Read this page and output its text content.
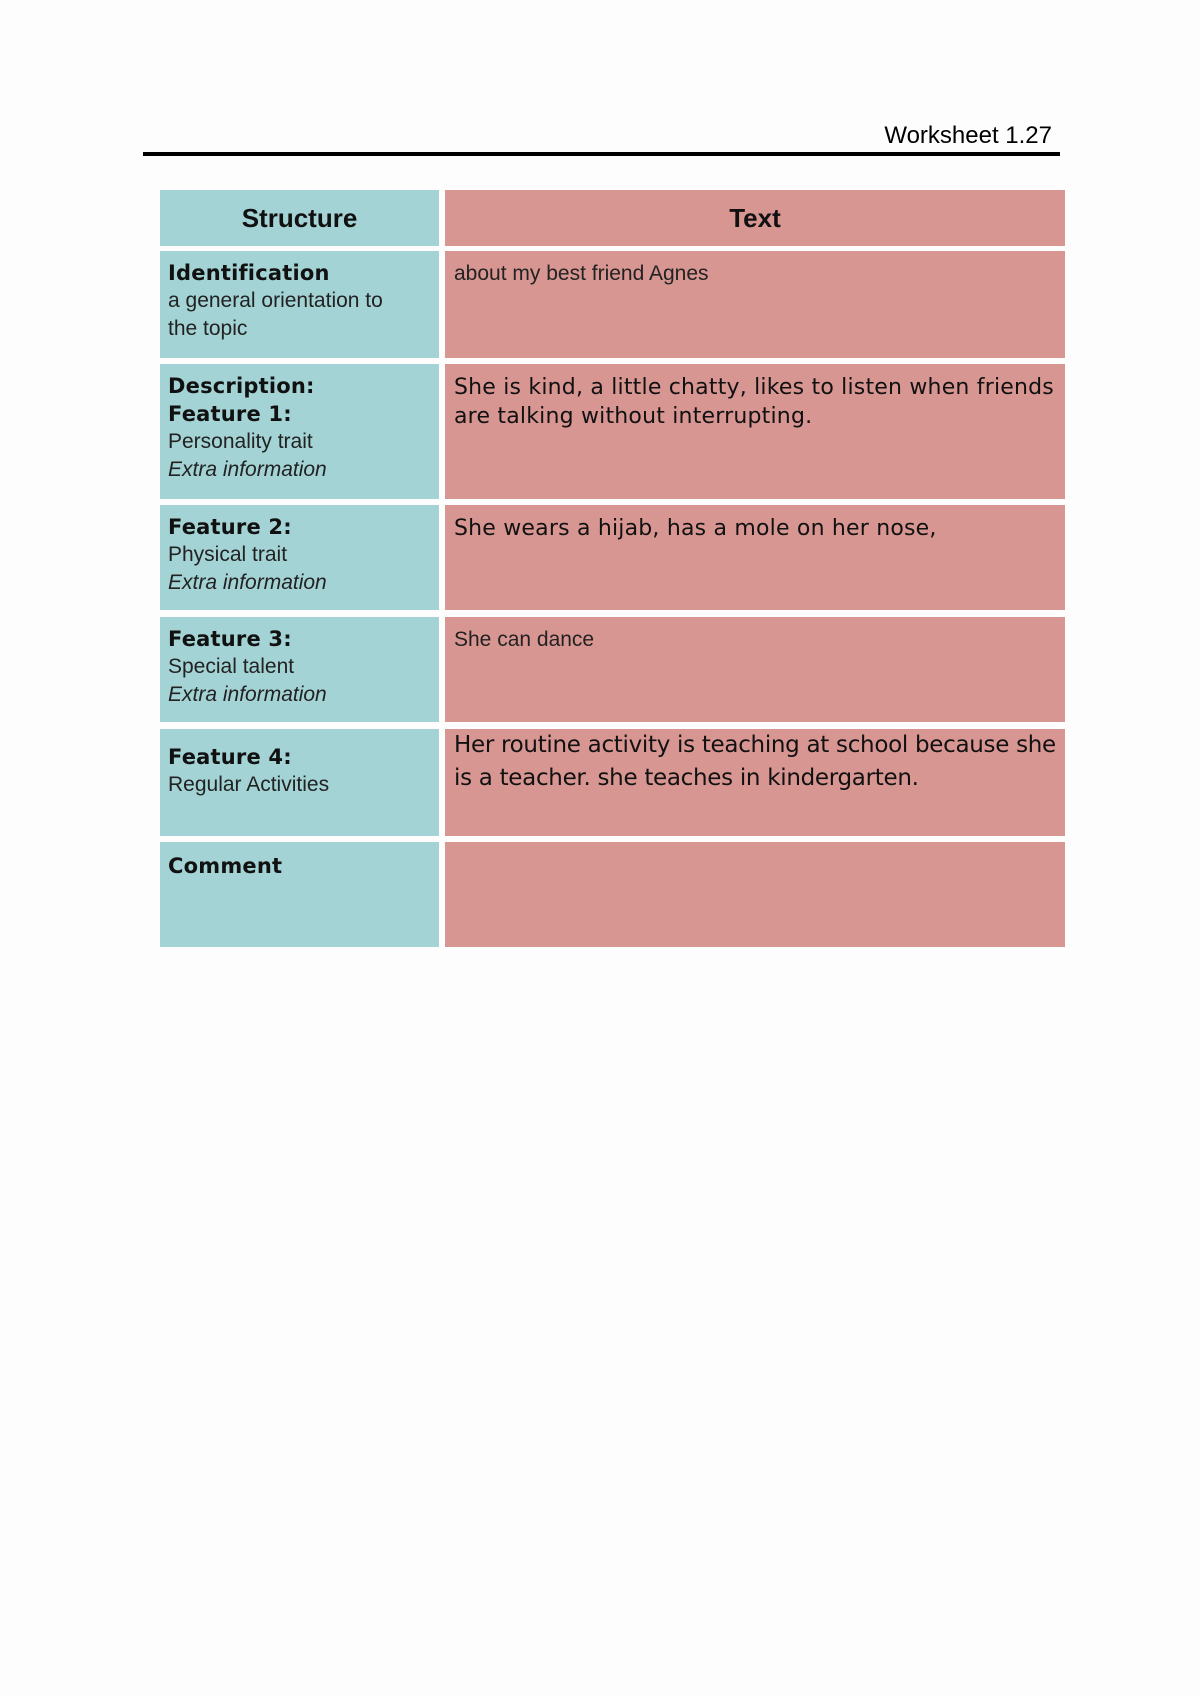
Worksheet 1.27
Structure	Text
Identification
a general orientation to
the topic
about my best friend Agnes
Description:
Feature 1:
Personality trait
Extra information
She is kind, a little chatty, likes to listen when friends are talking without interrupting.
Feature 2:
Physical trait
Extra information
She wears a hijab, has a mole on her nose,
Feature 3:
Special talent
Extra information
She can dance
Feature 4:
Regular Activities
Her routine activity is teaching at school because she is a teacher. she teaches in kindergarten.
Comment
